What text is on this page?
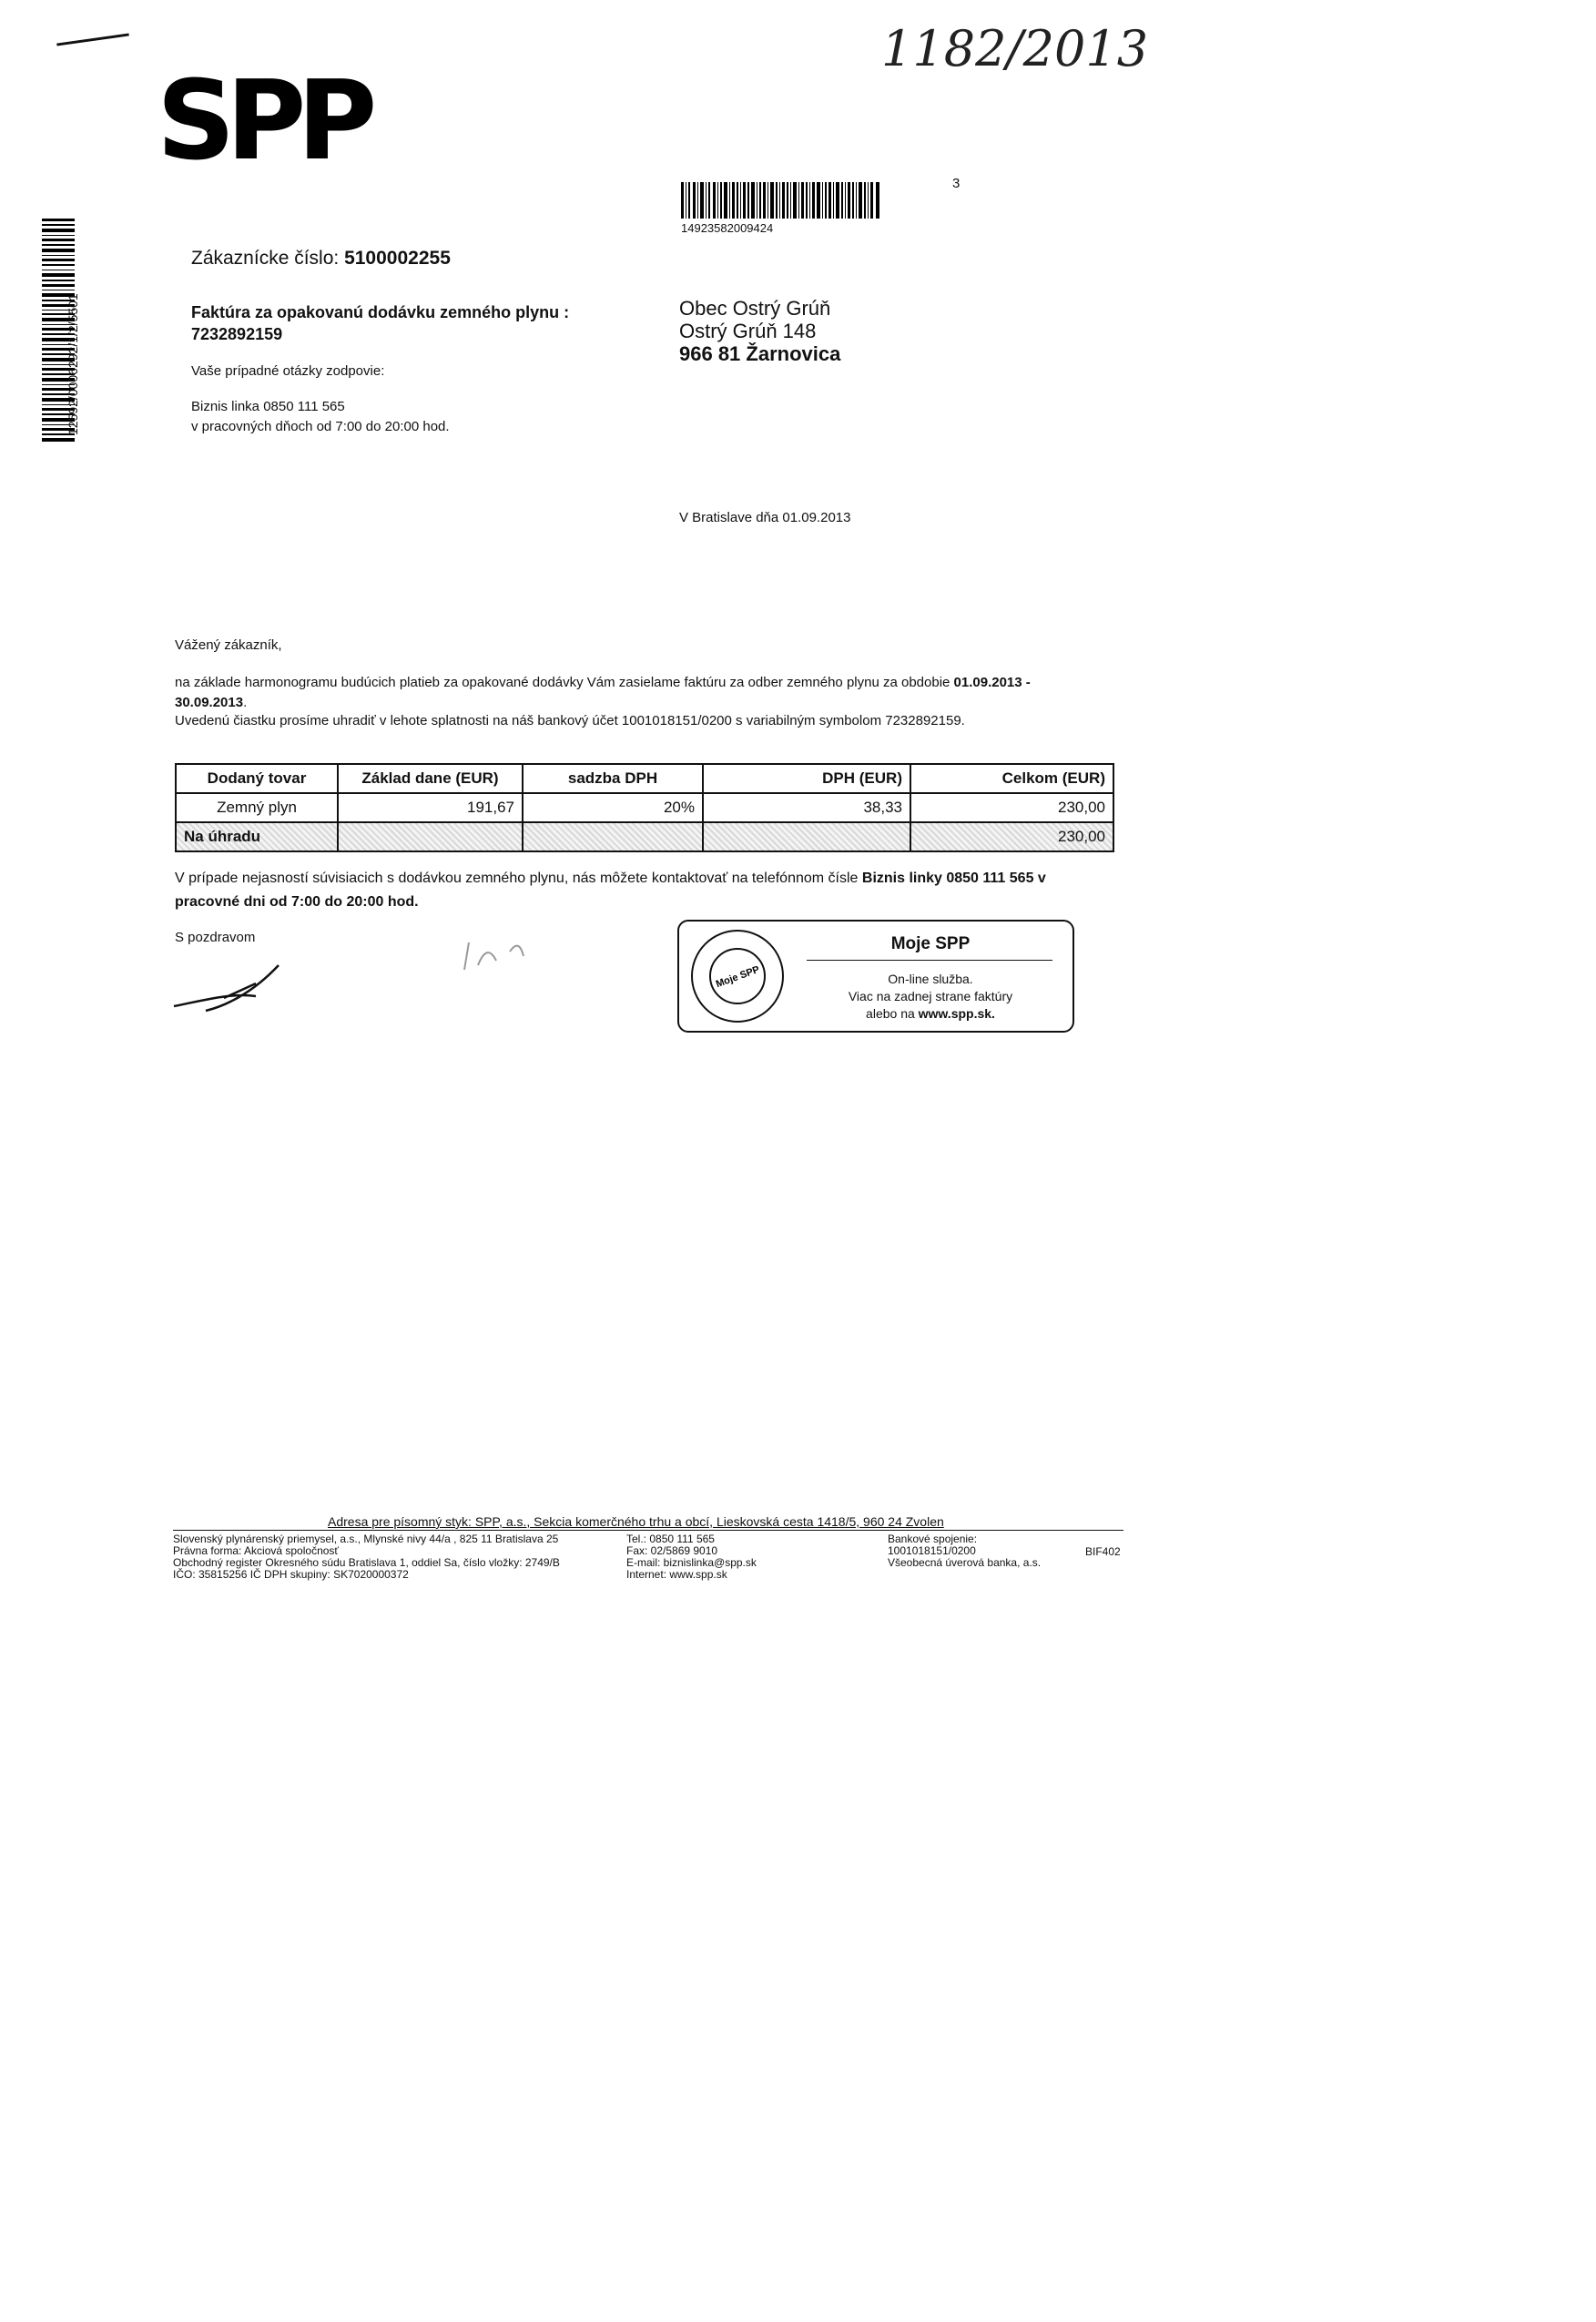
1182/2013
SPP	3
14923582009424
12592/0006292/1/2/5501
Zákaznícke číslo: 5100002255
Faktúra za opakovanú dodávku zemného plynu :
7232892159
Vaše prípadné otázky zodpovie:
Biznis linka 0850 111 565
v pracovných dňoch od 7:00 do 20:00 hod.
Obec Ostrý Grúň
Ostrý Grúň 148
966 81 Žarnovica
V Bratislave dňa 01.09.2013
Vážený zákazník,
na základe harmonogramu budúcich platieb za opakované dodávky Vám zasielame faktúru za odber zemného plynu za obdobie 01.09.2013 -
30.09.2013.
Uvedenú čiastku prosíme uhradiť v lehote splatnosti na náš bankový účet 1001018151/0200 s variabilným symbolom 7232892159.
Dodaný tovar	Základ dane (EUR)	sadzba DPH	DPH (EUR)	Celkom (EUR)
Zemný plyn	191,67	20%	38,33	230,00
Na úhradu				230,00
V prípade nejasností súvisiacich s dodávkou zemného plynu, nás môžete kontaktovať na telefónnom čísle Biznis linky 0850 111 565 v pracovné dni od 7:00 do 20:00 hod.
S pozdravom
Moje SPP
Moje SPP
On-line služba.
Viac na zadnej strane faktúry
alebo na www.spp.sk.
Adresa pre písomný styk: SPP, a.s., Sekcia komerčného trhu a obcí, Lieskovská cesta 1418/5, 960 24 Zvolen
Slovenský plynárenský priemysel, a.s., Mlynské nivy 44/a , 825 11 Bratislava 25
Právna forma: Akciová spoločnosť
Obchodný register Okresného súdu Bratislava 1, oddiel Sa, číslo vložky: 2749/B
IČO: 35815256 IČ DPH skupiny: SK7020000372
Tel.: 0850 111 565
Fax: 02/5869 9010
E-mail: biznislinka@spp.sk
Internet: www.spp.sk
Bankové spojenie:
1001018151/0200
Všeobecná úverová banka, a.s.
BIF402
